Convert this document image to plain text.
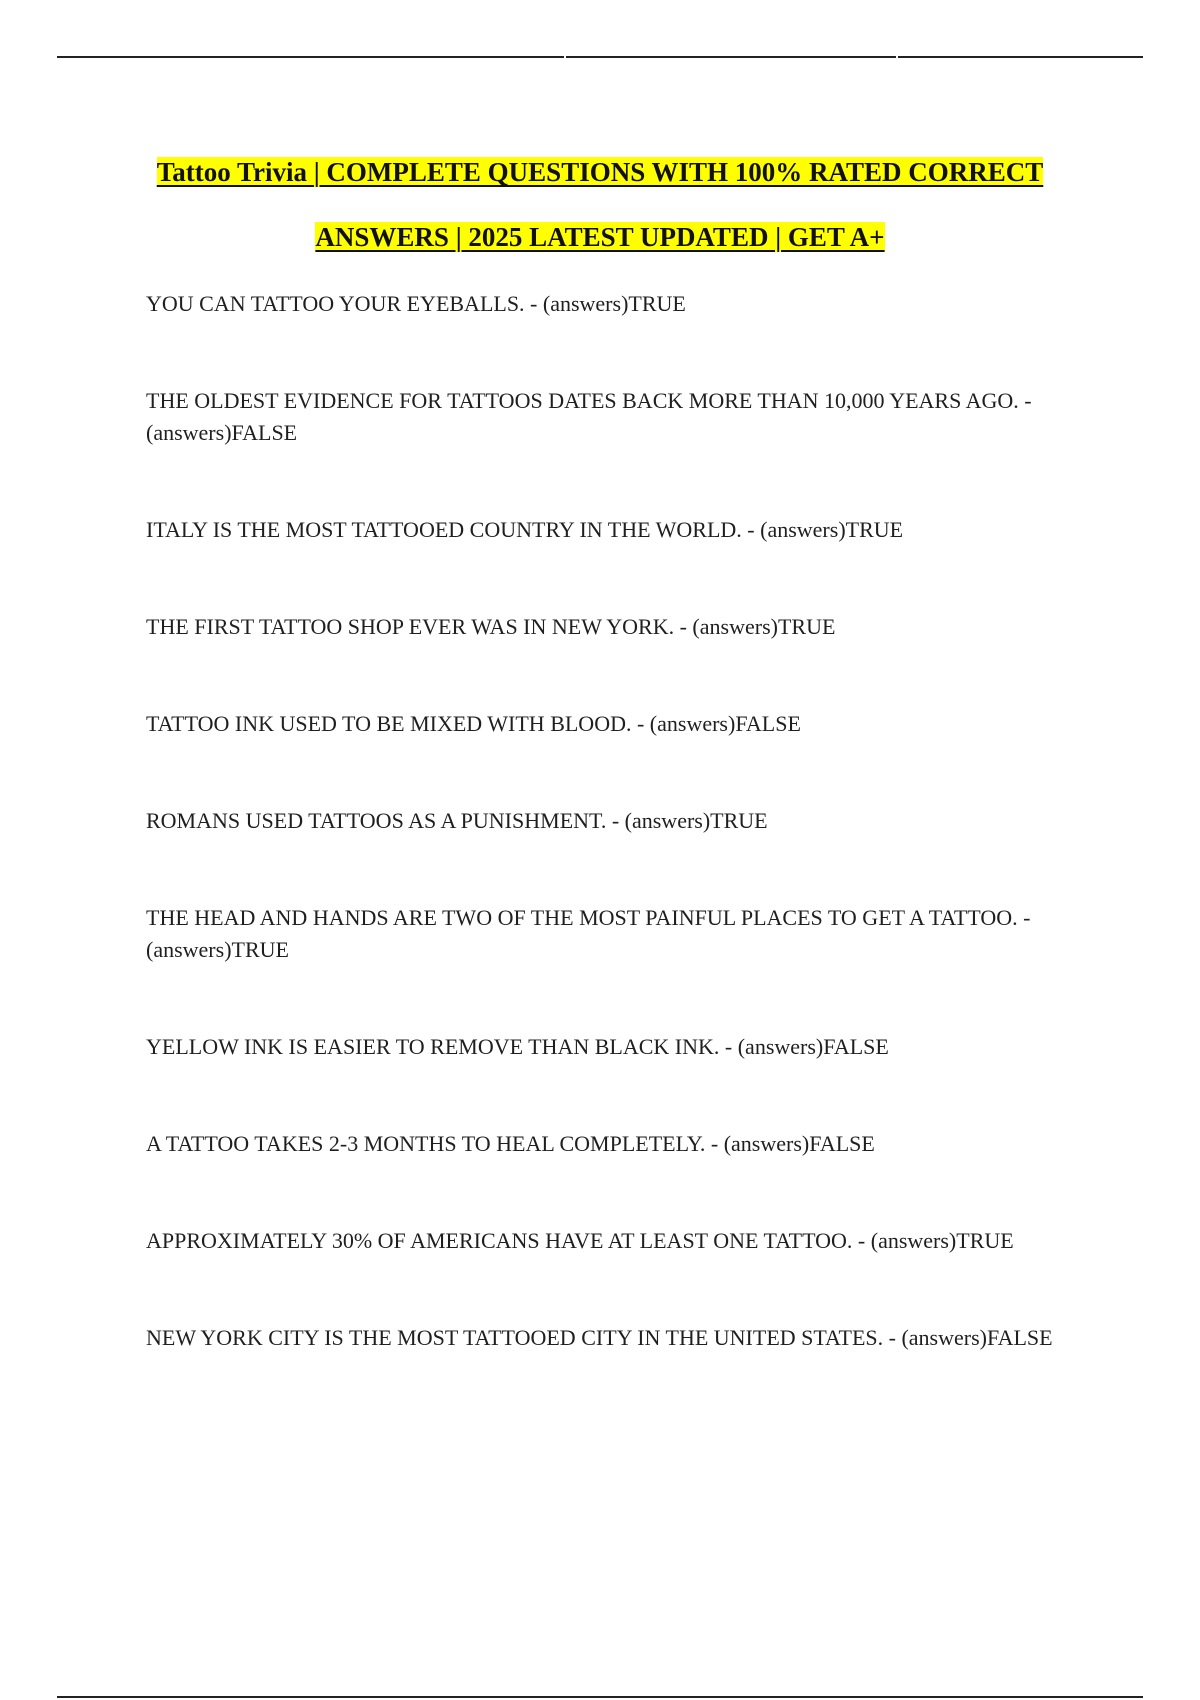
Tattoo Trivia | COMPLETE QUESTIONS WITH 100% RATED CORRECT ANSWERS | 2025 LATEST UPDATED | GET A+
YOU CAN TATTOO YOUR EYEBALLS. - (answers)TRUE
THE OLDEST EVIDENCE FOR TATTOOS DATES BACK MORE THAN 10,000 YEARS AGO. - (answers)FALSE
ITALY IS THE MOST TATTOOED COUNTRY IN THE WORLD. - (answers)TRUE
THE FIRST TATTOO SHOP EVER WAS IN NEW YORK. - (answers)TRUE
TATTOO INK USED TO BE MIXED WITH BLOOD. - (answers)FALSE
ROMANS USED TATTOOS AS A PUNISHMENT. - (answers)TRUE
THE HEAD AND HANDS ARE TWO OF THE MOST PAINFUL PLACES TO GET A TATTOO. - (answers)TRUE
YELLOW INK IS EASIER TO REMOVE THAN BLACK INK. - (answers)FALSE
A TATTOO TAKES 2-3 MONTHS TO HEAL COMPLETELY. - (answers)FALSE
APPROXIMATELY 30% OF AMERICANS HAVE AT LEAST ONE TATTOO. - (answers)TRUE
NEW YORK CITY IS THE MOST TATTOOED CITY IN THE UNITED STATES. - (answers)FALSE
